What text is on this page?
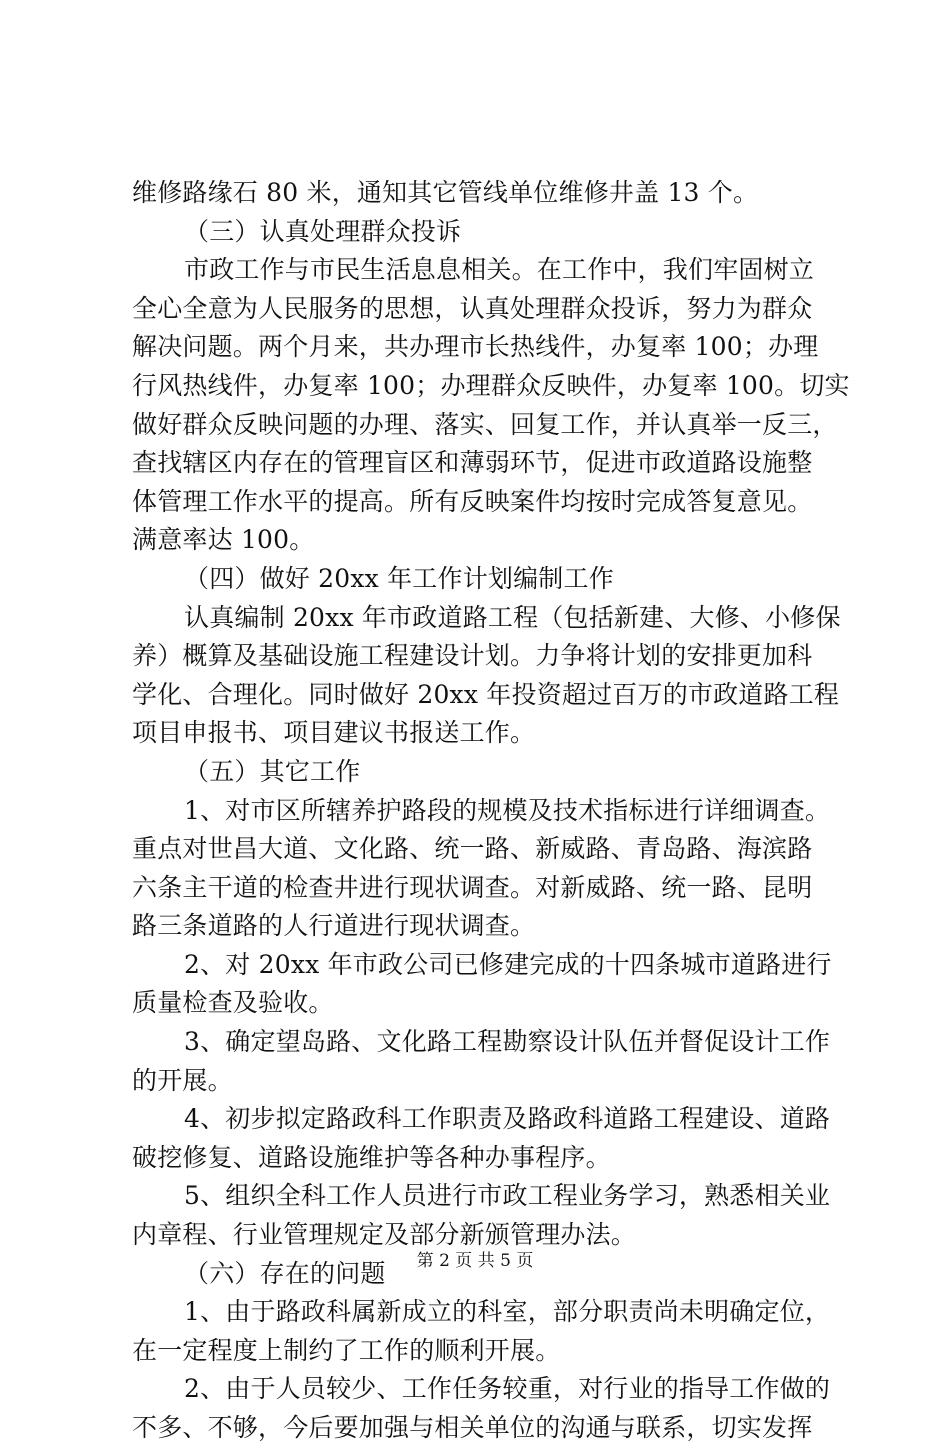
维修路缘石 80 米，通知其它管线单位维修井盖 13 个。
（三）认真处理群众投诉
市政工作与市民生活息息相关。在工作中，我们牢固树立
全心全意为人民服务的思想，认真处理群众投诉，努力为群众
解决问题。两个月来，共办理市长热线件，办复率 100；办理
行风热线件，办复率 100；办理群众反映件，办复率 100。切实
做好群众反映问题的办理、落实、回复工作，并认真举一反三，
查找辖区内存在的管理盲区和薄弱环节，促进市政道路设施整
体管理工作水平的提高。所有反映案件均按时完成答复意见。
满意率达 100。
（四）做好 20xx 年工作计划编制工作
认真编制 20xx 年市政道路工程（包括新建、大修、小修保
养）概算及基础设施工程建设计划。力争将计划的安排更加科
学化、合理化。同时做好 20xx 年投资超过百万的市政道路工程
项目申报书、项目建议书报送工作。
（五）其它工作
1、对市区所辖养护路段的规模及技术指标进行详细调查。
重点对世昌大道、文化路、统一路、新威路、青岛路、海滨路
六条主干道的检查井进行现状调查。对新威路、统一路、昆明
路三条道路的人行道进行现状调查。
2、对 20xx 年市政公司已修建完成的十四条城市道路进行
质量检查及验收。
3、确定望岛路、文化路工程勘察设计队伍并督促设计工作
的开展。
4、初步拟定路政科工作职责及路政科道路工程建设、道路
破挖修复、道路设施维护等各种办事程序。
5、组织全科工作人员进行市政工程业务学习，熟悉相关业
内章程、行业管理规定及部分新颁管理办法。
（六）存在的问题
1、由于路政科属新成立的科室，部分职责尚未明确定位，
在一定程度上制约了工作的顺利开展。
2、由于人员较少、工作任务较重，对行业的指导工作做的
不多、不够，今后要加强与相关单位的沟通与联系，切实发挥
第 2 页 共 5 页
